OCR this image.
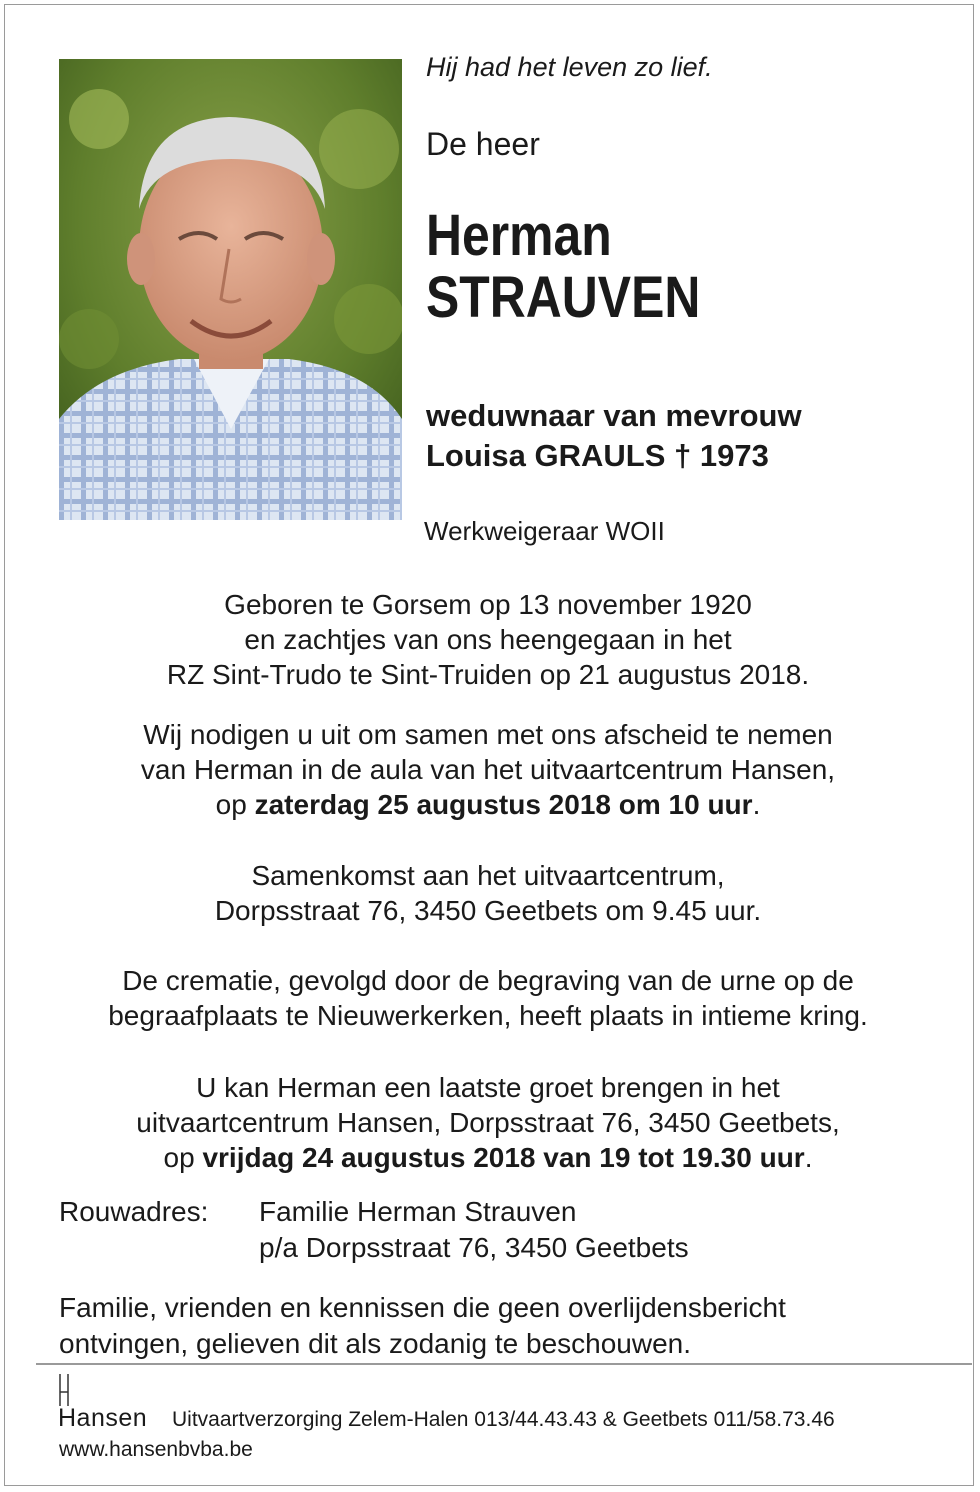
Hij had het leven zo lief.
De heer
Herman
STRAUVEN
weduwnaar van mevrouw
Louisa GRAULS † 1973
Werkweigeraar WOII
Geboren te Gorsem op 13 november 1920
en zachtjes van ons heengegaan in het
RZ Sint-Trudo te Sint-Truiden op 21 augustus 2018.
Wij nodigen u uit om samen met ons afscheid te nemen
van Herman in de aula van het uitvaartcentrum Hansen,
op zaterdag 25 augustus 2018 om 10 uur.
Samenkomst aan het uitvaartcentrum,
Dorpsstraat 76, 3450 Geetbets om 9.45 uur.
De crematie, gevolgd door de begraving van de urne op de
begraafplaats te Nieuwerkerken, heeft plaats in intieme kring.
U kan Herman een laatste groet brengen in het
uitvaartcentrum Hansen, Dorpsstraat 76, 3450 Geetbets,
op vrijdag 24 augustus 2018 van 19 tot 19.30 uur.
Rouwadres: Familie Herman Strauven
p/a Dorpsstraat 76, 3450 Geetbets
Familie, vrienden en kennissen die geen overlijdensbericht
ontvingen, gelieven dit als zodanig te beschouwen.
Hansen Uitvaartverzorging Zelem-Halen 013/44.43.43 & Geetbets 011/58.73.46
www.hansenbvba.be
